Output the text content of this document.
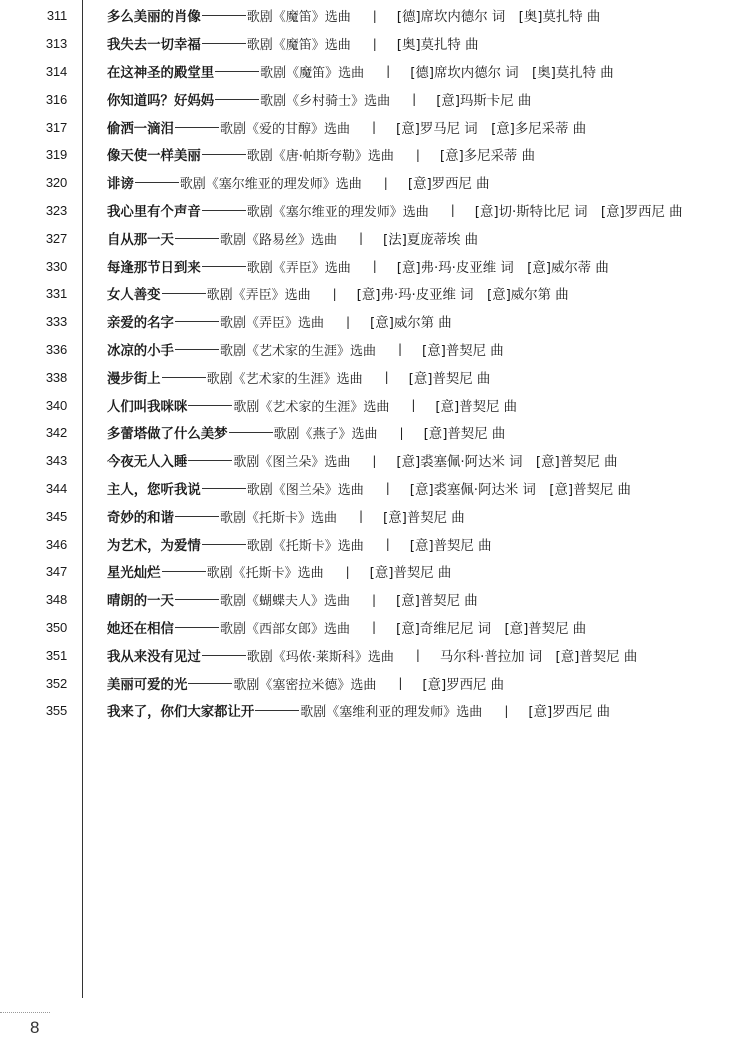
311	多么美丽的肖像	歌剧《魔笛》选曲 | [德]席坎内德尔 词　[奥]莫扎特 曲
313	我失去一切幸福	歌剧《魔笛》选曲 | [奥]莫扎特 曲
314	在这神圣的殿堂里	歌剧《魔笛》选曲 | [德]席坎内德尔 词　[奥]莫扎特 曲
316	你知道吗？好妈妈	歌剧《乡村骑士》选曲 | [意]玛斯卡尼 曲
317	偷洒一滴泪	歌剧《爱的甘醇》选曲 | [意]罗马尼 词　[意]多尼采蒂 曲
319	像天使一样美丽	歌剧《唐·帕斯夸勒》选曲 | [意]多尼采蒂 曲
320	诽谤	歌剧《塞尔维亚的理发师》选曲 | [意]罗西尼 曲
323	我心里有个声音	歌剧《塞尔维亚的理发师》选曲 | [意]切·斯特比尼 词　[意]罗西尼 曲
327	自从那一天	歌剧《路易丝》选曲 | [法]夏庞蒂埃 曲
330	每逢那节日到来	歌剧《弄臣》选曲 | [意]弗·玛·皮亚维 词　[意]威尔蒂 曲
331	女人善变	歌剧《弄臣》选曲 | [意]弗·玛·皮亚维 词　[意]威尔第 曲
333	亲爱的名字	歌剧《弄臣》选曲 | [意]威尔第 曲
336	冰凉的小手	歌剧《艺术家的生涯》选曲 | [意]普契尼 曲
338	漫步街上	歌剧《艺术家的生涯》选曲 | [意]普契尼 曲
340	人们叫我咪咪	歌剧《艺术家的生涯》选曲 | [意]普契尼 曲
342	多蕾塔做了什么美梦	歌剧《燕子》选曲 | [意]普契尼 曲
343	今夜无人入睡	歌剧《图兰朵》选曲 | [意]裘塞佩·阿达米 词　[意]普契尼 曲
344	主人，您听我说	歌剧《图兰朵》选曲 | [意]裘塞佩·阿达米 词　[意]普契尼 曲
345	奇妙的和谐	歌剧《托斯卡》选曲 | [意]普契尼 曲
346	为艺术，为爱情	歌剧《托斯卡》选曲 | [意]普契尼 曲
347	星光灿烂	歌剧《托斯卡》选曲 | [意]普契尼 曲
348	晴朗的一天	歌剧《蝴蝶夫人》选曲 | [意]普契尼 曲
350	她还在相信	歌剧《西部女郎》选曲 | [意]奇维尼尼 词　[意]普契尼 曲
351	我从来没有见过	歌剧《玛侬·莱斯科》选曲 | 马尔科·普拉加 词　[意]普契尼 曲
352	美丽可爱的光	歌剧《塞密拉米德》选曲 | [意]罗西尼 曲
355	我来了，你们大家都让开	歌剧《塞维利亚的理发师》选曲 | [意]罗西尼 曲
8
